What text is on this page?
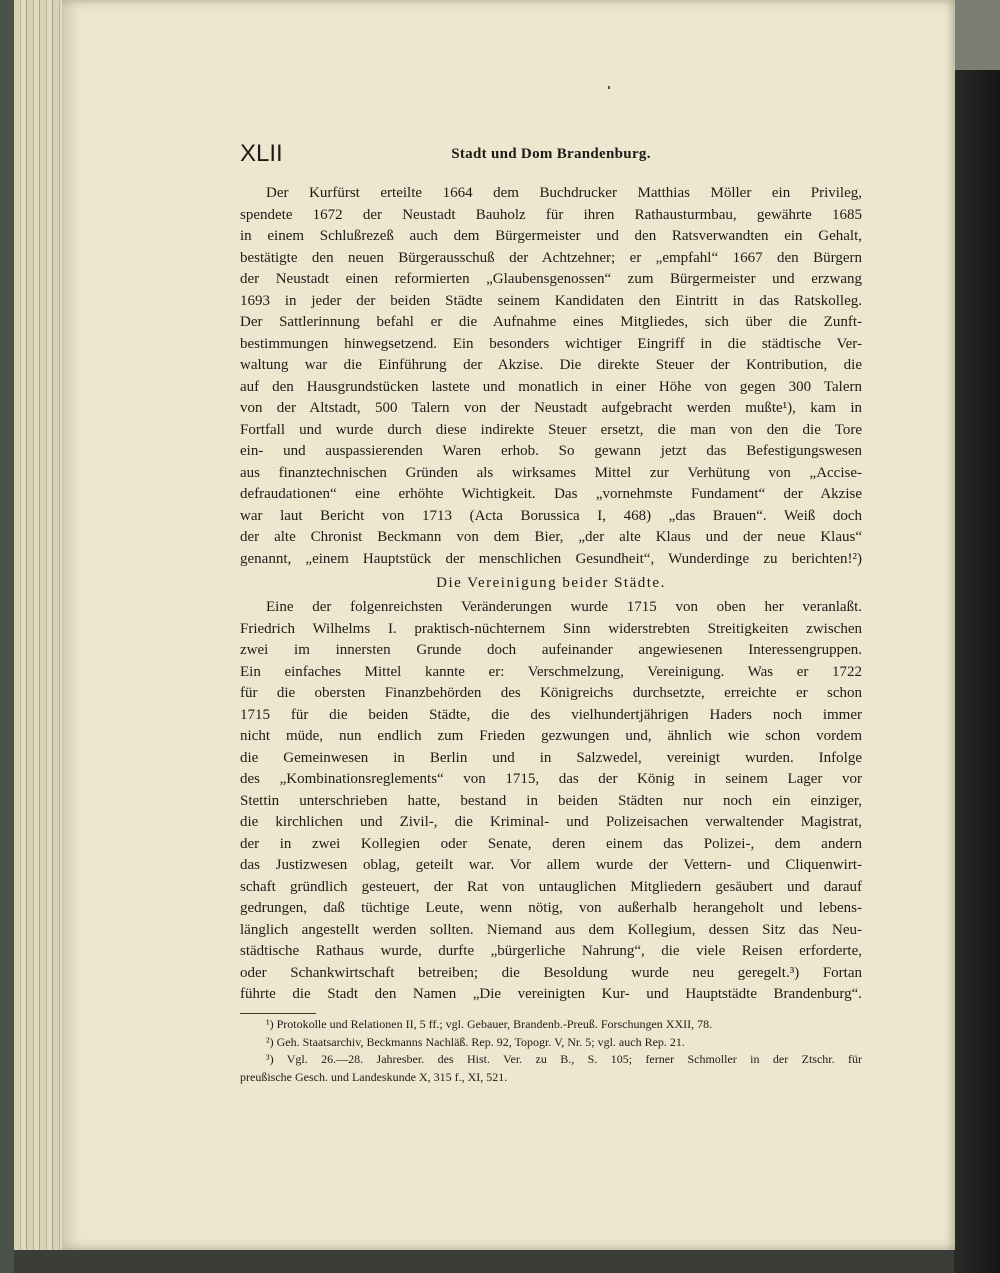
XLII	Stadt und Dom Brandenburg.
Der Kurfürst erteilte 1664 dem Buchdrucker Matthias Möller ein Privileg,
spendete 1672 der Neustadt Bauholz für ihren Rathausturmbau, gewährte 1685
in einem Schlußrezeß auch dem Bürgermeister und den Ratsverwandten ein Gehalt,
bestätigte den neuen Bürgerausschuß der Achtzehner; er „empfahl“ 1667 den Bürgern
der Neustadt einen reformierten „Glaubensgenossen“ zum Bürgermeister und erzwang
1693 in jeder der beiden Städte seinem Kandidaten den Eintritt in das Ratskolleg.
Der Sattlerinnung befahl er die Aufnahme eines Mitgliedes, sich über die Zunft-
bestimmungen hinwegsetzend. Ein besonders wichtiger Eingriff in die städtische Ver-
waltung war die Einführung der Akzise. Die direkte Steuer der Kontribution, die
auf den Hausgrundstücken lastete und monatlich in einer Höhe von gegen 300 Talern
von der Altstadt, 500 Talern von der Neustadt aufgebracht werden mußte¹), kam in
Fortfall und wurde durch diese indirekte Steuer ersetzt, die man von den die Tore
ein- und auspassierenden Waren erhob. So gewann jetzt das Befestigungswesen
aus finanztechnischen Gründen als wirksames Mittel zur Verhütung von „Accise-
defraudationen“ eine erhöhte Wichtigkeit. Das „vornehmste Fundament“ der Akzise
war laut Bericht von 1713 (Acta Borussica I, 468) „das Brauen“. Weiß doch
der alte Chronist Beckmann von dem Bier, „der alte Klaus und der neue Klaus“
genannt, „einem Hauptstück der menschlichen Gesundheit“, Wunderdinge zu berichten!²)
Die Vereinigung beider Städte.
Eine der folgenreichsten Veränderungen wurde 1715 von oben her veranlaßt.
Friedrich Wilhelms I. praktisch-nüchternem Sinn widerstrebten Streitigkeiten zwischen
zwei im innersten Grunde doch aufeinander angewiesenen Interessengruppen.
Ein einfaches Mittel kannte er: Verschmelzung, Vereinigung. Was er 1722
für die obersten Finanzbehörden des Königreichs durchsetzte, erreichte er schon
1715 für die beiden Städte, die des vielhundertjährigen Haders noch immer
nicht müde, nun endlich zum Frieden gezwungen und, ähnlich wie schon vordem
die Gemeinwesen in Berlin und in Salzwedel, vereinigt wurden. Infolge
des „Kombinationsreglements“ von 1715, das der König in seinem Lager vor
Stettin unterschrieben hatte, bestand in beiden Städten nur noch ein einziger,
die kirchlichen und Zivil-, die Kriminal- und Polizeisachen verwaltender Magistrat,
der in zwei Kollegien oder Senate, deren einem das Polizei-, dem andern
das Justizwesen oblag, geteilt war. Vor allem wurde der Vettern- und Cliquenwirt-
schaft gründlich gesteuert, der Rat von untauglichen Mitgliedern gesäubert und darauf
gedrungen, daß tüchtige Leute, wenn nötig, von außerhalb herangeholt und lebens-
länglich angestellt werden sollten. Niemand aus dem Kollegium, dessen Sitz das Neu-
städtische Rathaus wurde, durfte „bürgerliche Nahrung“, die viele Reisen erforderte,
oder Schankwirtschaft betreiben; die Besoldung wurde neu geregelt.³) Fortan
führte die Stadt den Namen „Die vereinigten Kur- und Hauptstädte Brandenburg“.
¹) Protokolle und Relationen II, 5 ff.; vgl. Gebauer, Brandenb.-Preuß. Forschungen XXII, 78.
²) Geh. Staatsarchiv, Beckmanns Nachläß. Rep. 92, Topogr. V, Nr. 5; vgl. auch Rep. 21.
³) Vgl. 26.—28. Jahresber. des Hist. Ver. zu B., S. 105; ferner Schmoller in der Ztschr. für
preußische Gesch. und Landeskunde X, 315 f., XI, 521.
